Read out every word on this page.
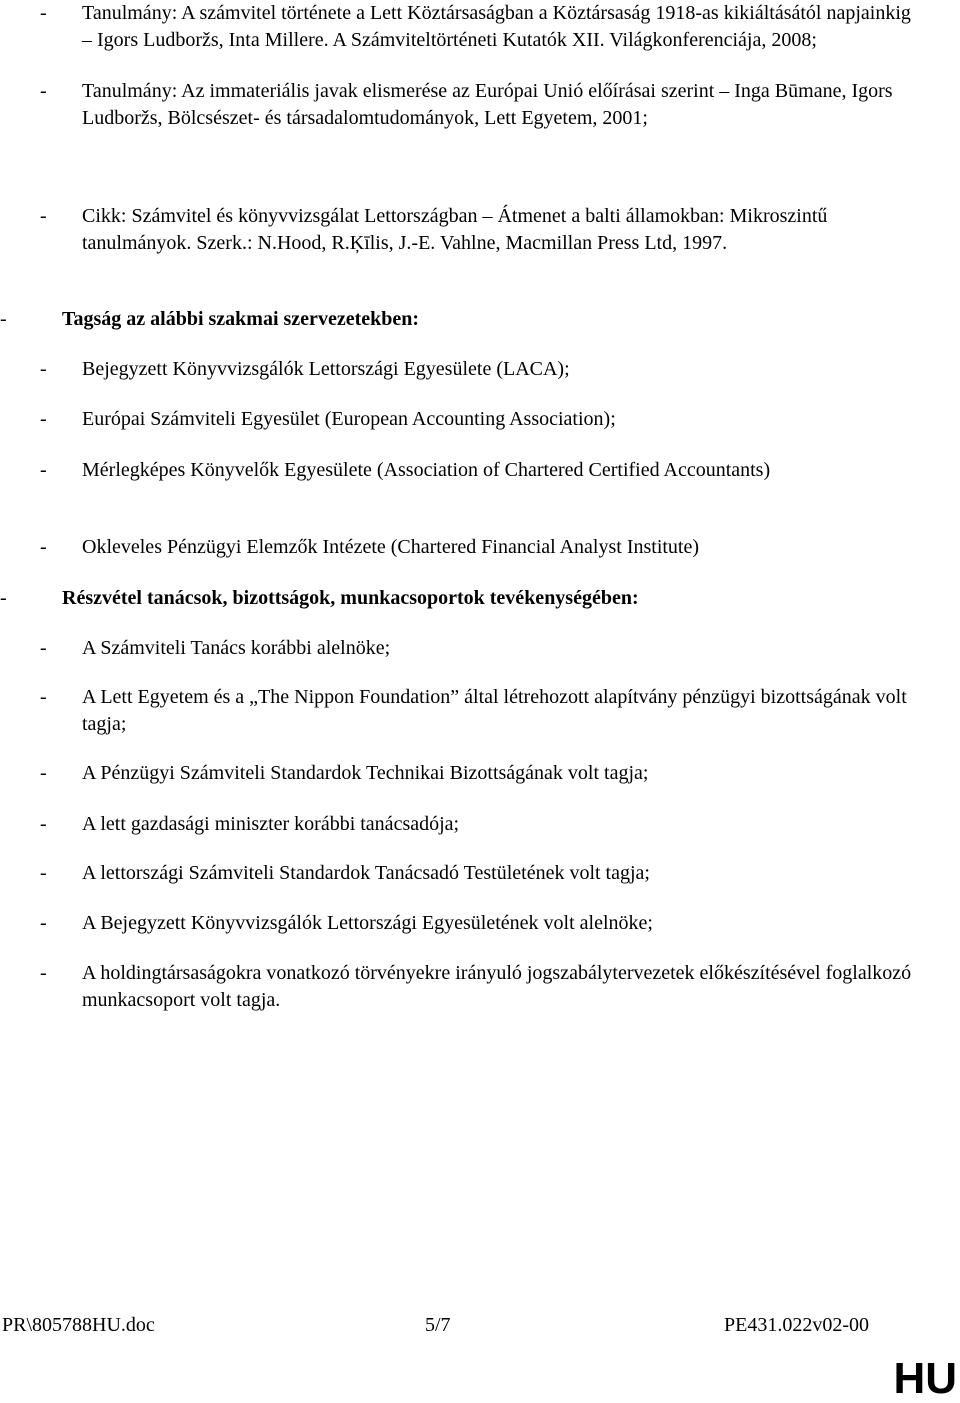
- Tanulmány: A számvitel története a Lett Köztársaságban a Köztársaság 1918-as kikiáltásától napjainkig – Igors Ludboržs, Inta Millere. A Számviteltörténeti Kutatók XII. Világkonferenciája, 2008;
- Tanulmány: Az immateriális javak elismerése az Európai Unió előírásai szerint – Inga Būmane, Igors Ludboržs, Bölcsészet- és társadalomtudományok, Lett Egyetem, 2001;
- Cikk: Számvitel és könyvvizsgálat Lettországban – Átmenet a balti államokban: Mikroszintű tanulmányok. Szerk.: N.Hood, R.Ķīlis, J.-E. Vahlne, Macmillan Press Ltd, 1997.
-	Tagság az alábbi szakmai szervezetekben:
- Bejegyzett Könyvvizsgálók Lettországi Egyesülete (LACA);
- Európai Számviteli Egyesület (European Accounting Association);
- Mérlegképes Könyvelők Egyesülete (Association of Chartered Certified Accountants)
- Okleveles Pénzügyi Elemzők Intézete (Chartered Financial Analyst Institute)
-	Részvétel tanácsok, bizottságok, munkacsoportok tevékenységében:
- A Számviteli Tanács korábbi alelnöke;
- A Lett Egyetem és a „The Nippon Foundation” által létrehozott alapítvány pénzügyi bizottságának volt tagja;
- A Pénzügyi Számviteli Standardok Technikai Bizottságának volt tagja;
- A lett gazdasági miniszter korábbi tanácsadója;
- A lettországi Számviteli Standardok Tanácsadó Testületének volt tagja;
- A Bejegyzett Könyvvizsgálók Lettországi Egyesületének volt alelnöke;
- A holdingtársaságokra vonatkozó törvényekre irányuló jogszabálytervezetek előkészítésével foglalkozó munkacsoport volt tagja.
PR\805788HU.doc	5/7	PE431.022v02-00
HU
